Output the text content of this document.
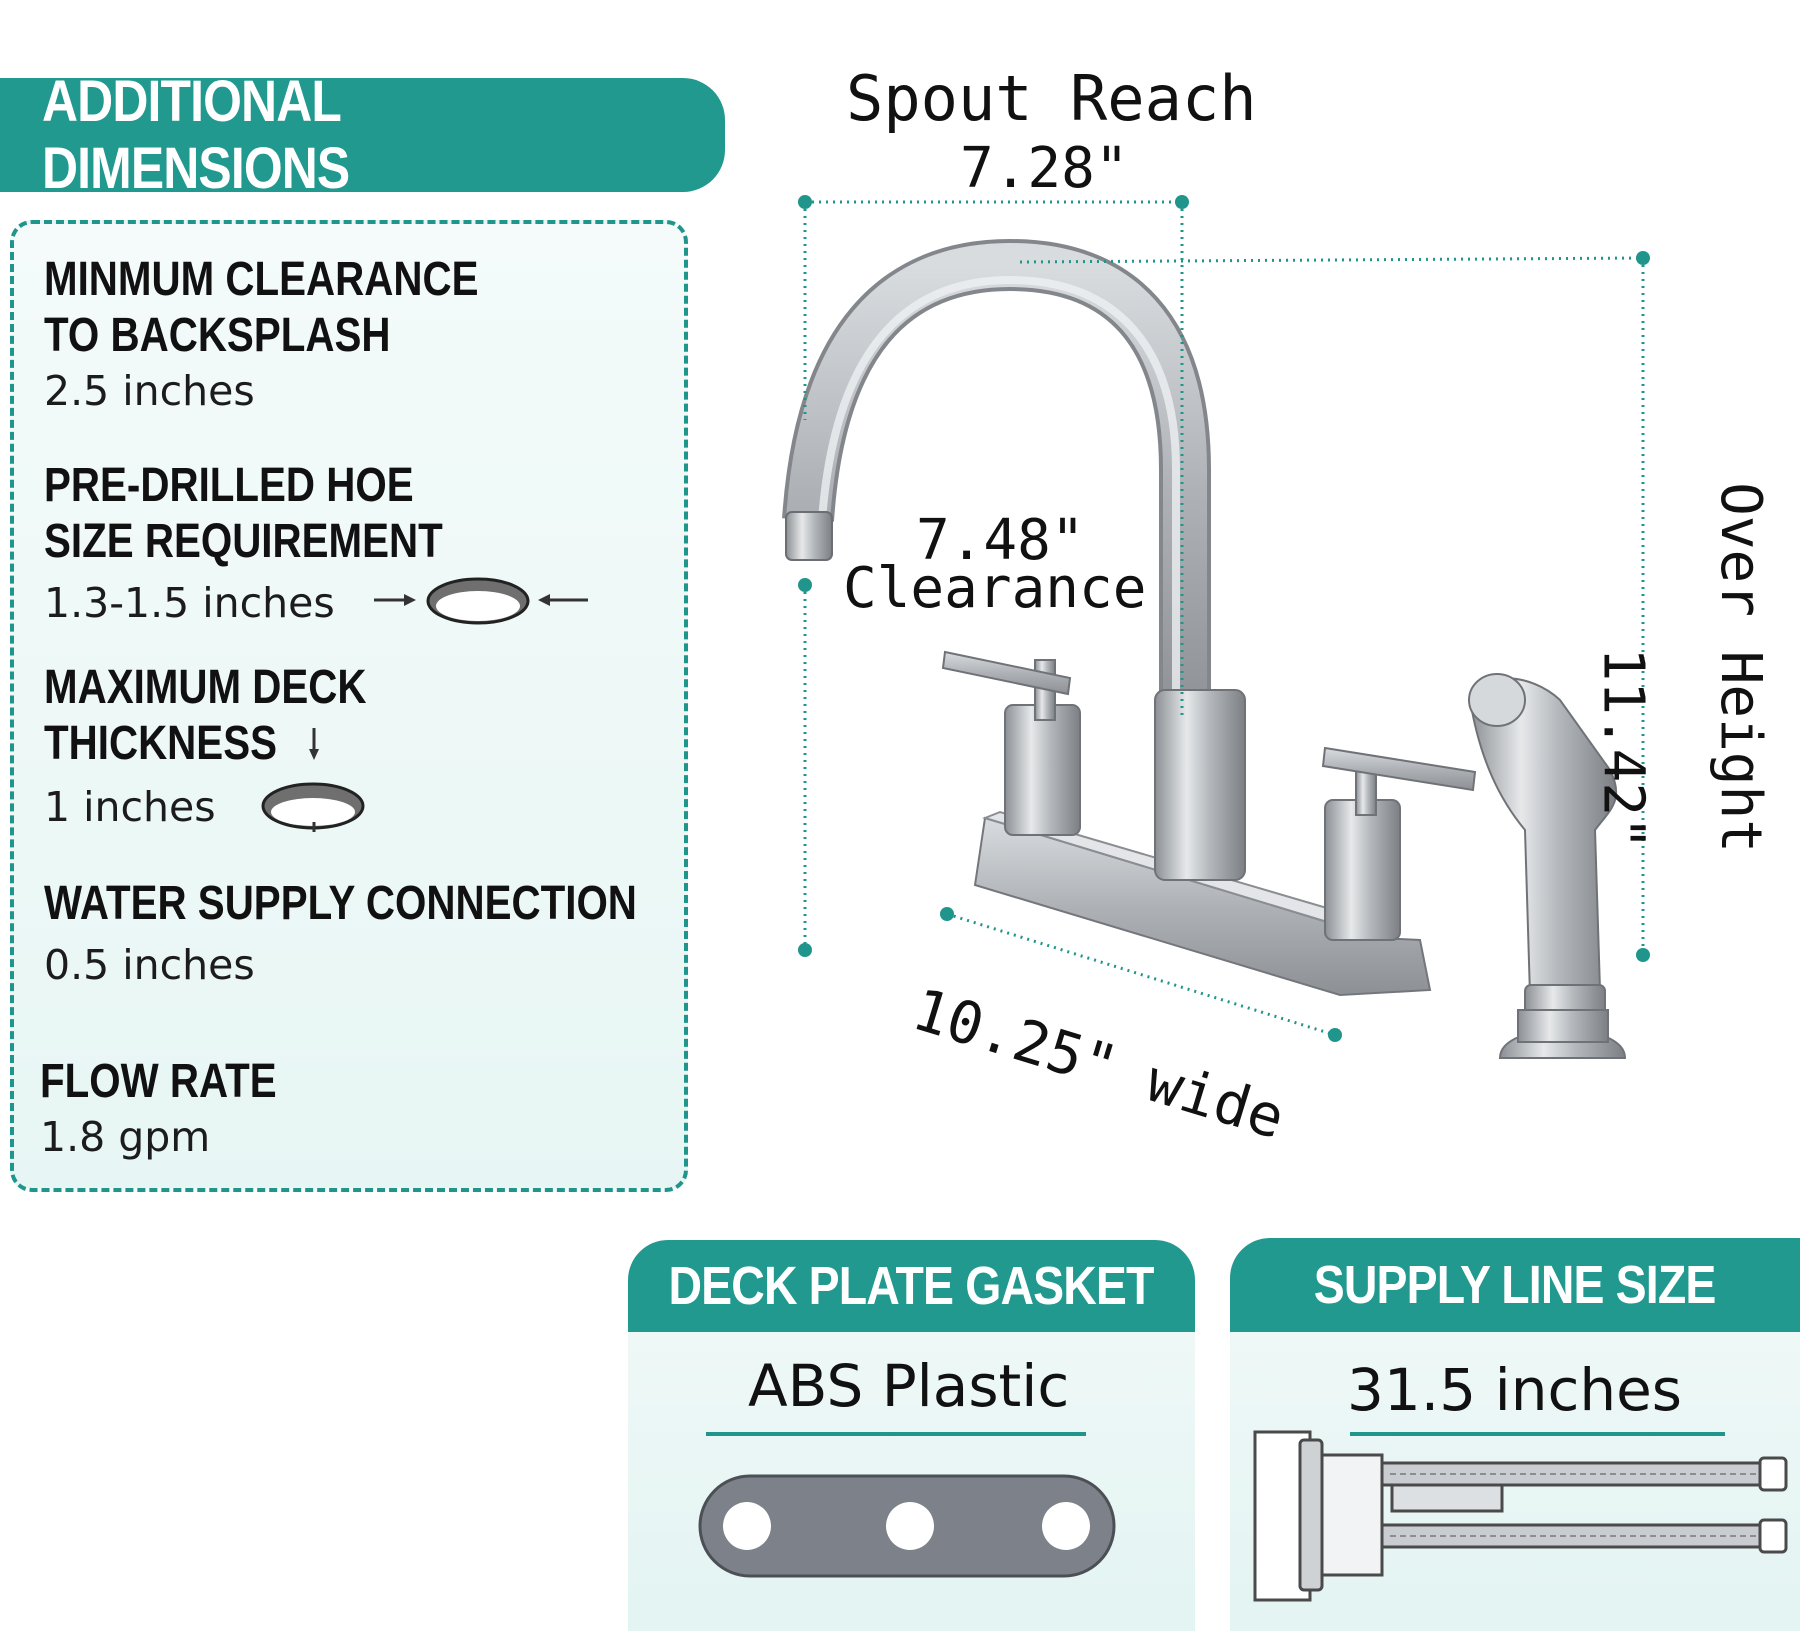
ADDITIONAL DIMENSIONS
MINMUM CLEARANCE
TO BACKSPLASH
2.5 inches
PRE-DRILLED HOE
SIZE REQUIREMENT
1.3-1.5 inches
MAXIMUM DECK
THICKNESS
1 inches
WATER SUPPLY CONNECTION
0.5 inches
FLOW RATE
1.8 gpm
Spout Reach
7.28"
7.48"
Clearance	Over Height
11.42"
10.25" wide
DECK PLATE GASKET
ABS Plastic
SUPPLY LINE SIZE
31.5 inches
